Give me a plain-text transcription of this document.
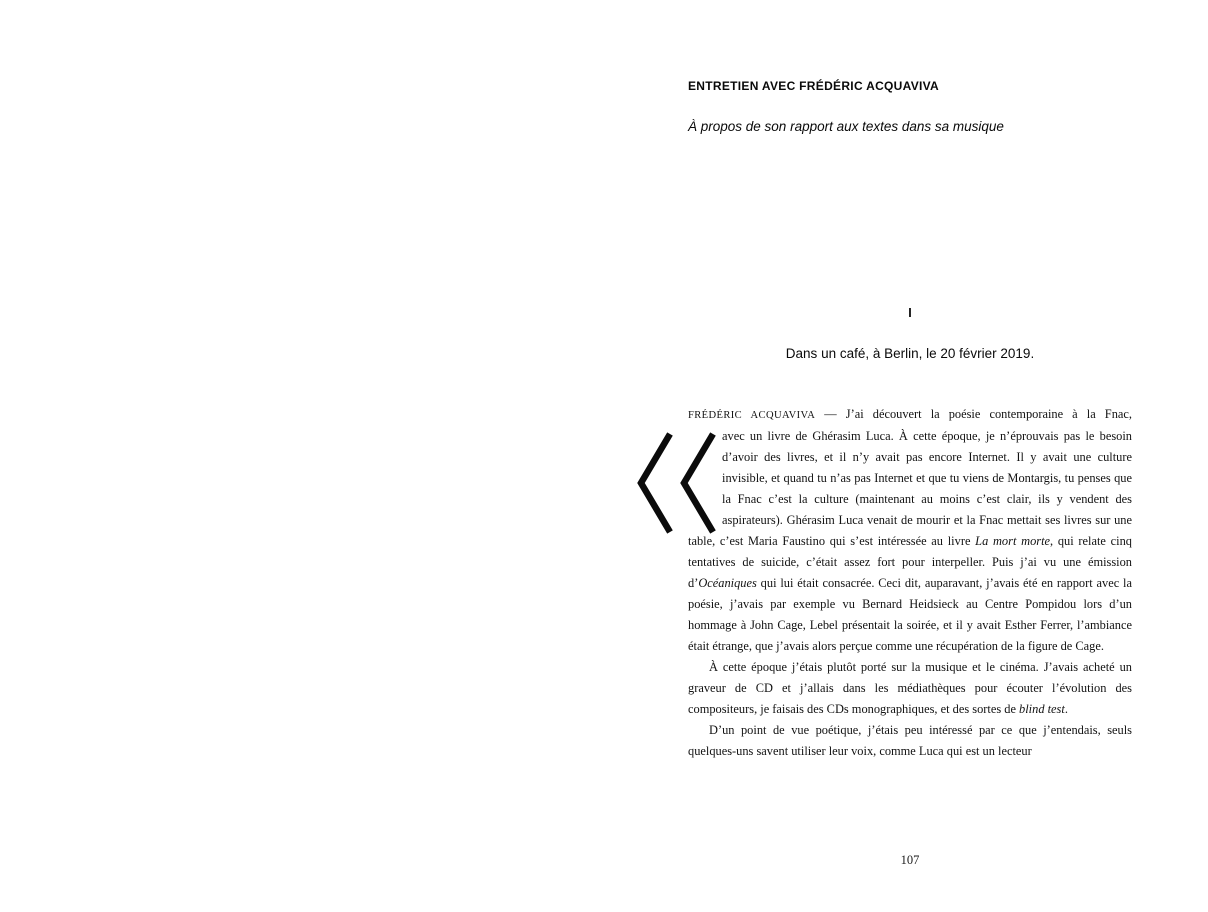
ENTRETIEN AVEC FRÉDÉRIC ACQUAVIVA
À propos de son rapport aux textes dans sa musique
I
Dans un café, à Berlin, le 20 février 2019.

FRÉDÉRIC ACQUAVIVA — J’ai découvert la poésie contemporaine à la Fnac,
avec un livre de Ghérasim Luca. À cette époque, je n’éprouvais pas le besoin d’avoir des livres, et il n’y avait pas encore Internet. Il y avait une culture invisible, et quand tu n’as pas Internet et que tu viens de Montargis, tu penses que la Fnac c’est la culture (maintenant au moins c’est clair, ils y vendent des aspirateurs). Ghérasim Luca venait de mourir et la Fnac mettait ses livres sur une table, c’est Maria Faustino qui s’est intéressée au livre La mort morte, qui relate cinq tentatives de suicide, c’était assez fort pour interpeller. Puis j’ai vu une émission d’Océaniques qui lui était consacrée. Ceci dit, auparavant, j’avais été en rapport avec la poésie, j’avais par exemple vu Bernard Heidsieck au Centre Pompidou lors d’un hommage à John Cage, Lebel présentait la soirée, et il y avait Esther Ferrer, l’ambiance était étrange, que j’avais alors perçue comme une récupération de la figure de Cage.

À cette époque j’étais plutôt porté sur la musique et le cinéma. J’avais acheté un graveur de CD et j’allais dans les médiathèques pour écouter l’évolution des compositeurs, je faisais des CDs monographiques, et des sortes de blind test.

D’un point de vue poétique, j’étais peu intéressé par ce que j’entendais, seuls quelques-uns savent utiliser leur voix, comme Luca qui est un lecteur

107
